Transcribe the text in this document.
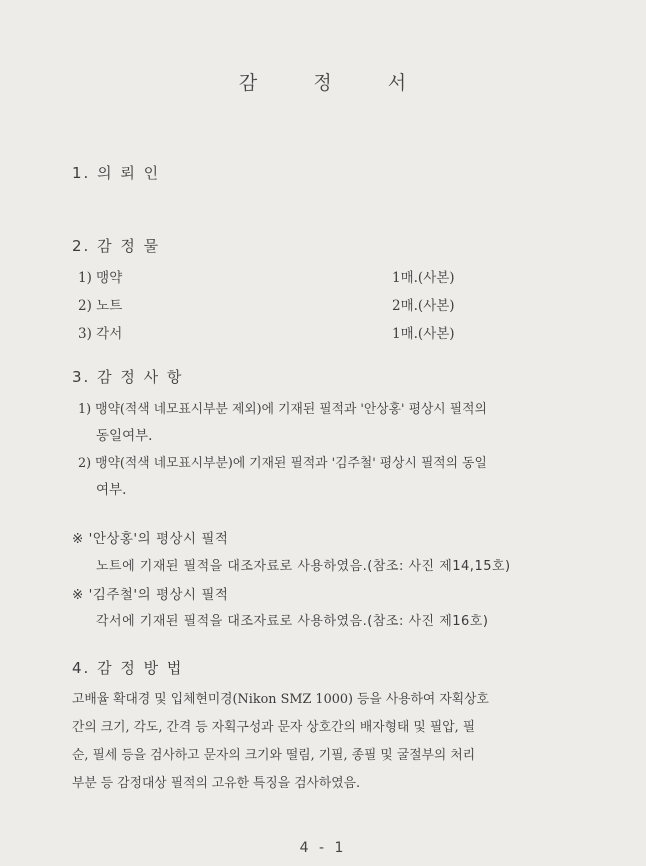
감	정	서
1. 의 뢰 인
2. 감 정 물
1) 맹약	1매.(사본)
2) 노트	2매.(사본)
3) 각서	1매.(사본)
3. 감 정 사 항
1) 맹약(적색 네모표시부분 제외)에 기재된 필적과 '안상홍' 평상시 필적의
동일여부.
2) 맹약(적색 네모표시부분)에 기재된 필적과 '김주철' 평상시 필적의 동일
여부.
※ '안상홍'의 평상시 필적
노트에 기재된 필적을 대조자료로 사용하였음.(참조: 사진 제14,15호)
※ '김주철'의 평상시 필적
각서에 기재된 필적을 대조자료로 사용하였음.(참조: 사진 제16호)
4. 감 정 방 법
고배율 확대경 및 입체현미경(Nikon SMZ 1000) 등을 사용하여 자획상호
간의 크기, 각도, 간격 등 자획구성과 문자 상호간의 배자형태 및 필압, 필
순, 필세 등을 검사하고 문자의 크기와 떨림, 기필, 종필 및 굴절부의 처리
부분 등 감정대상 필적의 고유한 특징을 검사하였음.
4 - 1
